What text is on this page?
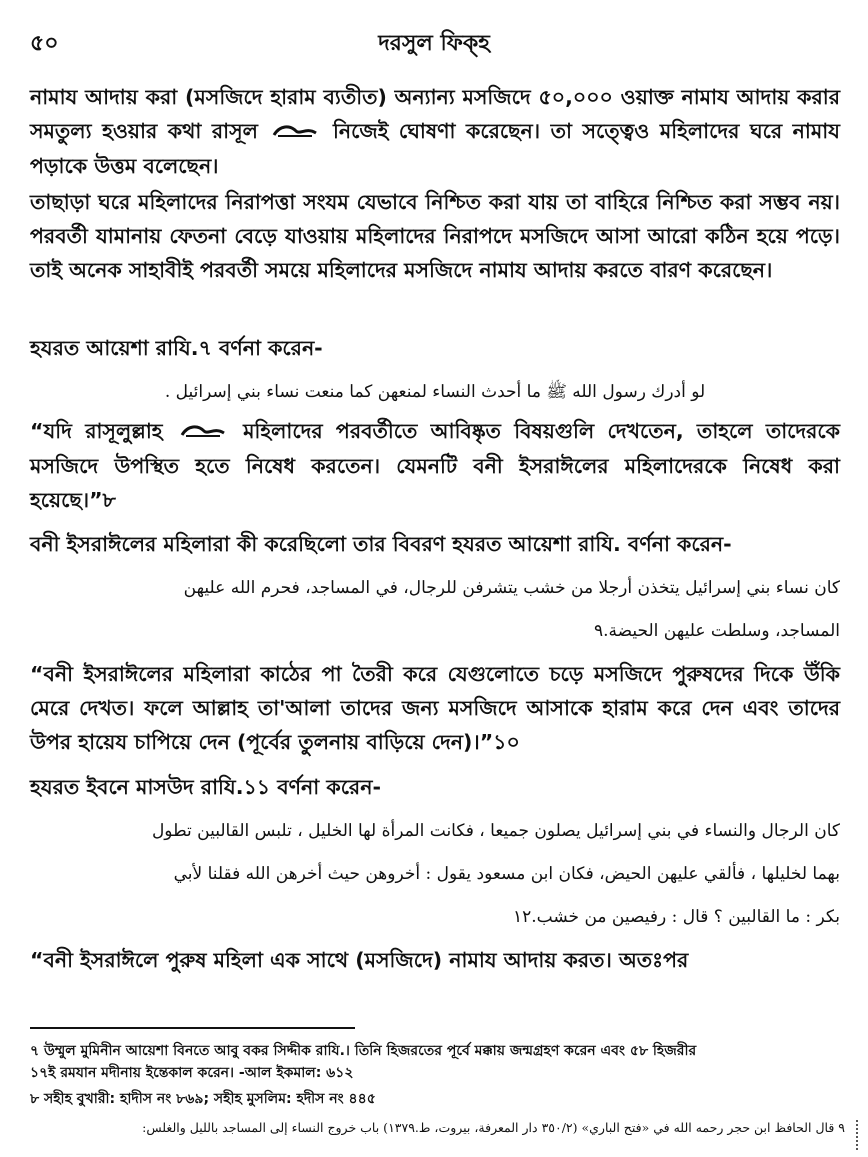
৫০	দরসুল ফিক্‌হ
নামায আদায় করা (মসজিদে হারাম ব্যতীত) অন্যান্য মসজিদে ৫০,০০০ ওয়াক্ত নামায আদায় করার সমতুল্য হওয়ার কথা রাসূল	নিজেই ঘোষণা করেছেন। তা সত্ত্বেও মহিলাদের ঘরে নামায পড়াকে উত্তম বলেছেন।
তাছাড়া ঘরে মহিলাদের নিরাপত্তা সংযম যেভাবে নিশ্চিত করা যায় তা বাহিরে নিশ্চিত করা সম্ভব নয়। পরবর্তী যামানায় ফেতনা বেড়ে যাওয়ায় মহিলাদের নিরাপদে মসজিদে আসা আরো কঠিন হয়ে পড়ে। তাই অনেক সাহাবীই পরবর্তী সময়ে মহিলাদের মসজিদে নামায আদায় করতে বারণ করেছেন।
হযরত আয়েশা রাযি.৭ বর্ণনা করেন-
لو أدرك رسول الله ﷺ ما أحدث النساء لمنعهن كما منعت نساء بني إسرائيل .
“যদি রাসূলুল্লাহ	মহিলাদের পরবর্তীতে আবিষ্কৃত বিষয়গুলি দেখতেন, তাহলে তাদেরকে মসজিদে উপস্থিত হতে নিষেধ করতেন। যেমনটি বনী ইসরাঈলের মহিলাদেরকে নিষেধ করা হয়েছে।”৮
বনী ইসরাঈলের মহিলারা কী করেছিলো তার বিবরণ হযরত আয়েশা রাযি. বর্ণনা করেন-
كان نساء بني إسرائيل يتخذن أرجلا من خشب يتشرفن للرجال، في المساجد، فحرم الله عليهن
المساجد، وسلطت عليهن الحيضة.٩
“বনী ইসরাঈলের মহিলারা কাঠের পা তৈরী করে যেগুলোতে চড়ে মসজিদে পুরুষদের দিকে উঁকি মেরে দেখত। ফলে আল্লাহ তা'আলা তাদের জন্য মসজিদে আসাকে হারাম করে দেন এবং তাদের উপর হায়েয চাপিয়ে দেন (পূর্বের তুলনায় বাড়িয়ে দেন)।”১০
হযরত ইবনে মাসউদ রাযি.১১ বর্ণনা করেন-
كان الرجال والنساء في بني إسرائيل يصلون جميعا ، فكانت المرأة لها الخليل ، تلبس القالبين تطول
بهما لخليلها ، فألقي عليهن الحيض، فكان ابن مسعود يقول : أخروهن حيث أخرهن الله فقلنا لأبي
بكر : ما القالبين ؟ قال : رفيصين من خشب.١٢
“বনী ইসরাঈলে পুরুষ মহিলা এক সাথে (মসজিদে) নামায আদায় করত। অতঃপর
৭ উম্মুল মুমিনীন আয়েশা বিনতে আবু বকর সিদ্দীক রাযি.। তিনি হিজরতের পূর্বে মক্কায় জন্মগ্রহণ করেন এবং ৫৮ হিজরীর
১৭ই রমযান মদীনায় ইন্তেকাল করেন। -আল ইকমাল: ৬১২
৮ সহীহ বুখারী: হাদীস নং ৮৬৯; সহীহ মুসলিম: হদীস নং ৪৪৫
٩ قال الحافظ ابن حجر رحمه الله في «فتح الباري» (٣٥٠/٢ دار المعرفة، بيروت، ط.١٣٧٩) باب خروج النساء إلى المساجد بالليل والغلس:
